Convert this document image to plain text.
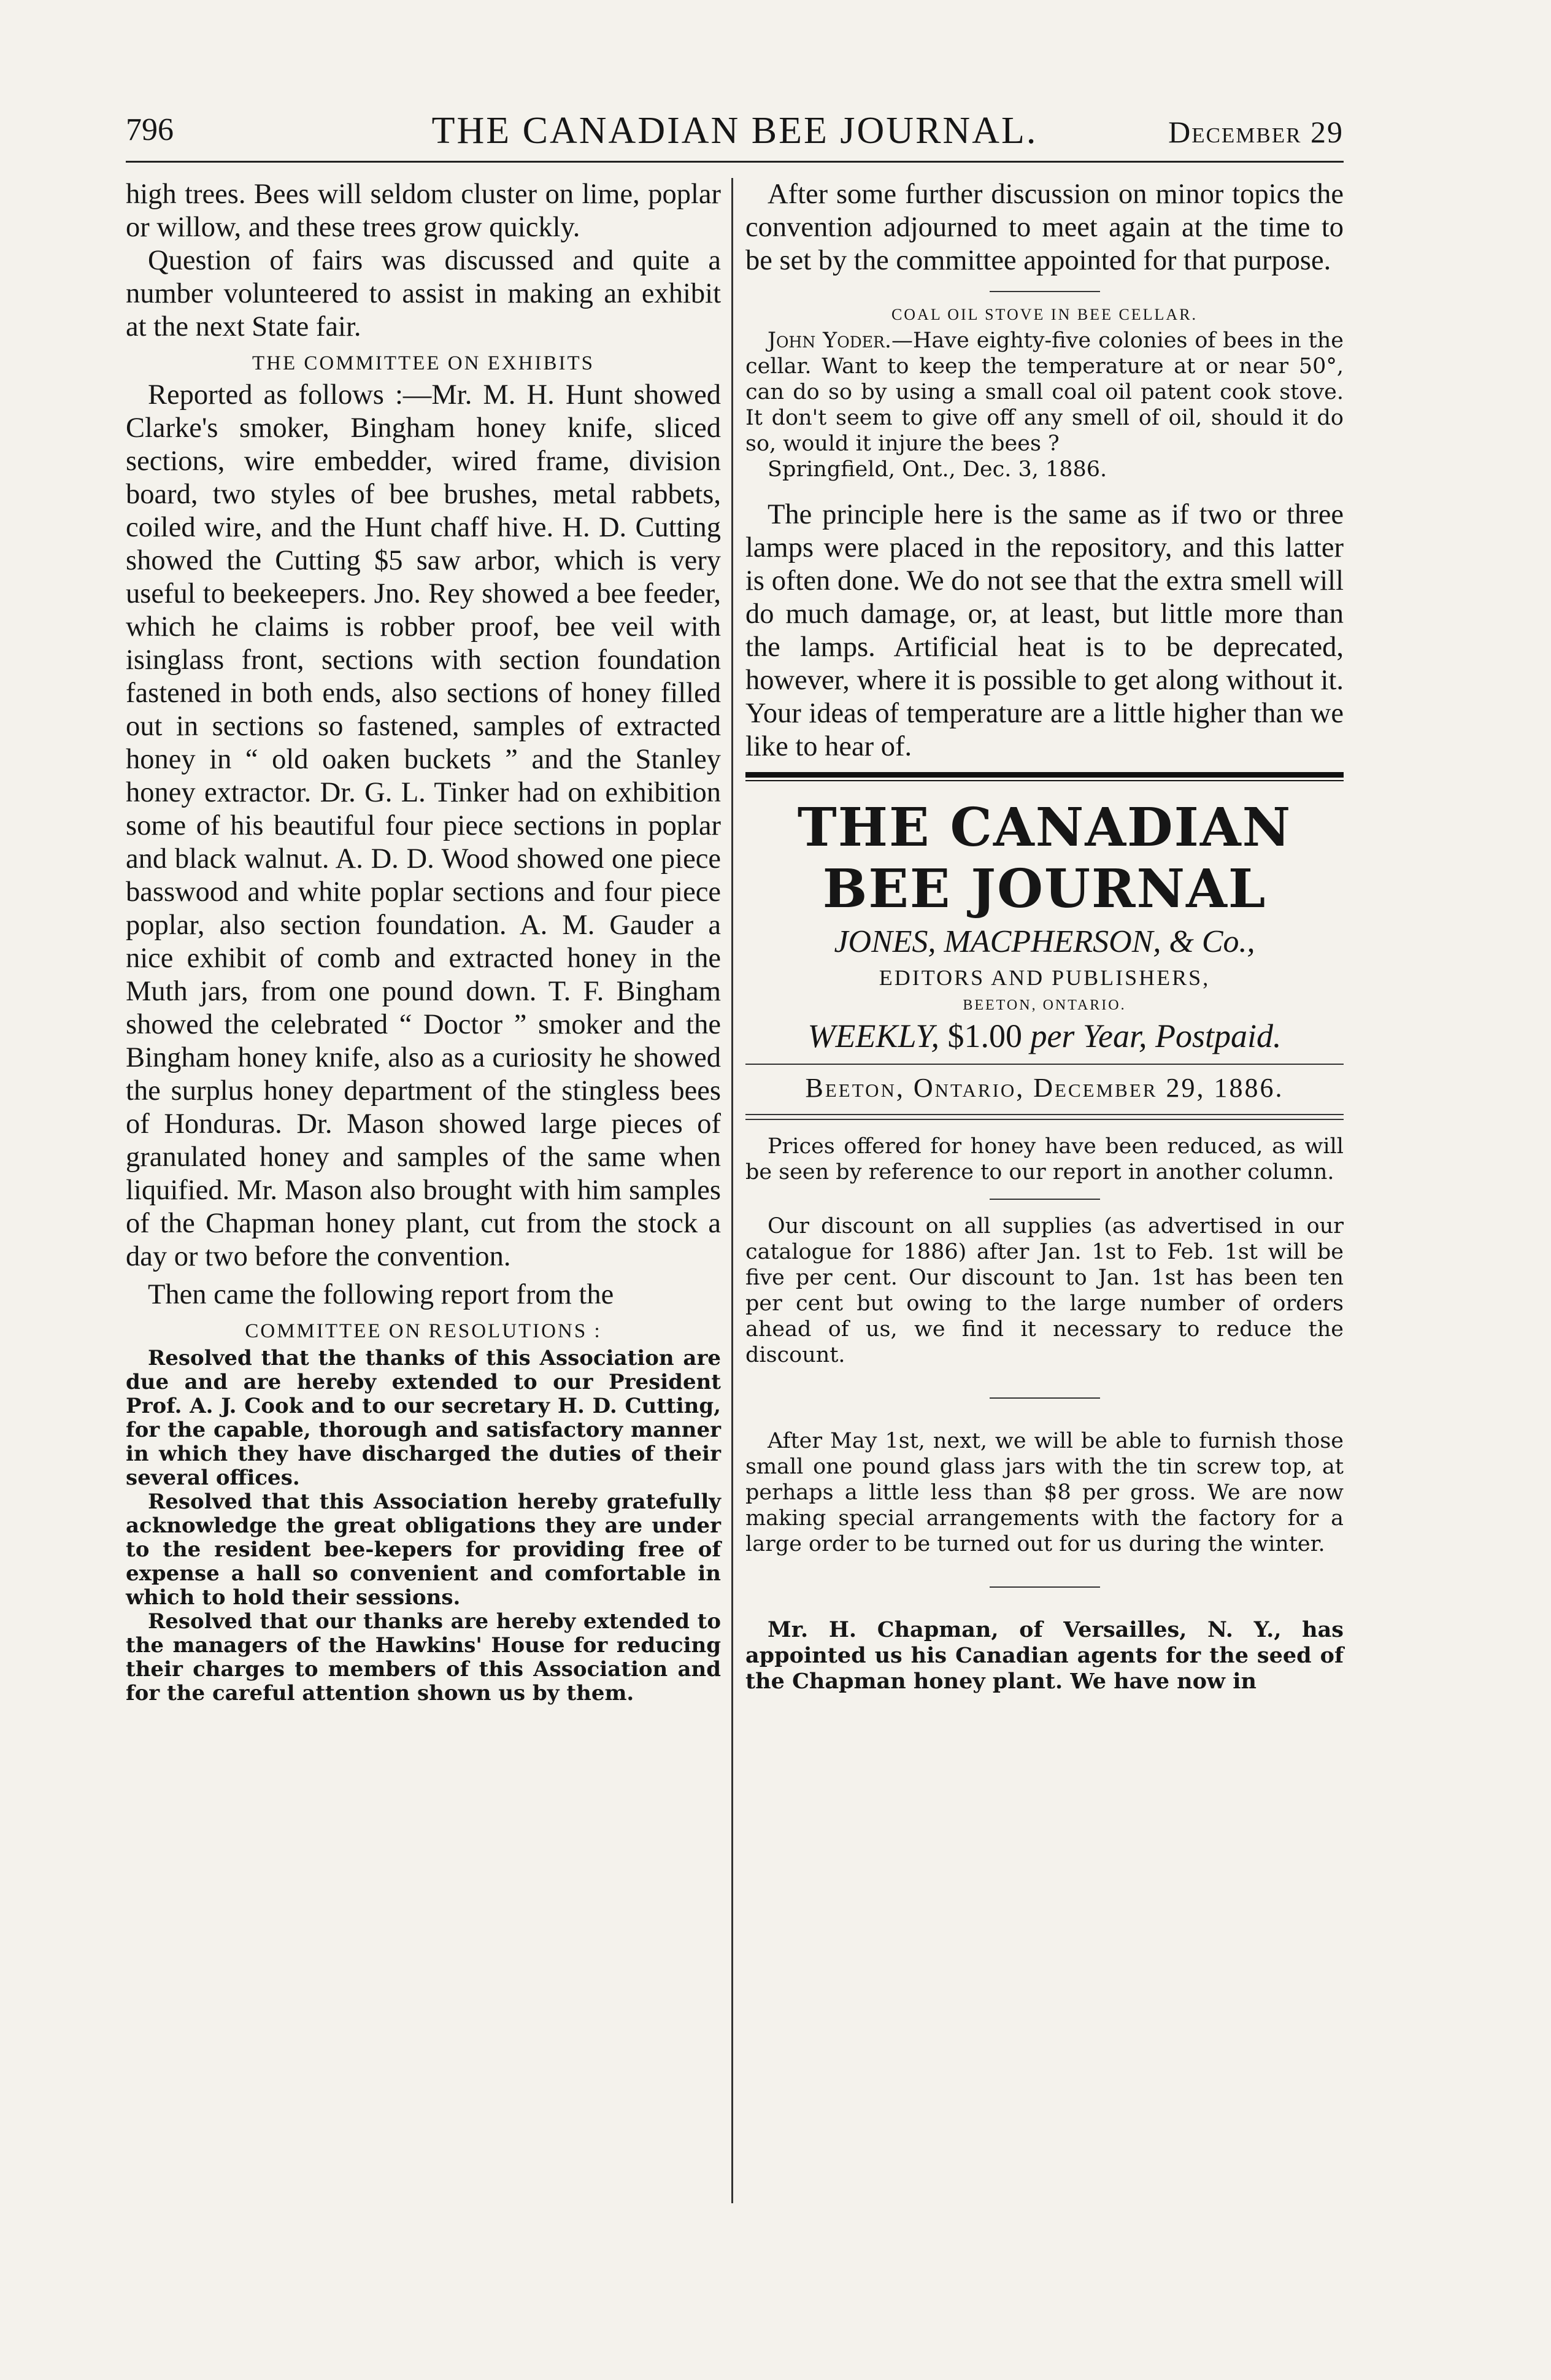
796	THE CANADIAN BEE JOURNAL.	December 29

high trees. Bees will seldom cluster on lime, poplar or willow, and these trees grow quickly.

Question of fairs was discussed and quite a number volunteered to assist in making an exhibit at the next State fair.

THE COMMITTEE ON EXHIBITS

Reported as follows :—Mr. M. H. Hunt showed Clarke's smoker, Bingham honey knife, sliced sections, wire embedder, wired frame, division board, two styles of bee brushes, metal rabbets, coiled wire, and the Hunt chaff hive. H. D. Cutting showed the Cutting $5 saw arbor, which is very useful to beekeepers. Jno. Rey showed a bee feeder, which he claims is robber proof, bee veil with isinglass front, sections with section foundation fastened in both ends, also sections of honey filled out in sections so fastened, samples of extracted honey in “ old oaken buckets ” and the Stanley honey extractor. Dr. G. L. Tinker had on exhibition some of his beautiful four piece sections in poplar and black walnut. A. D. D. Wood showed one piece basswood and white poplar sections and four piece poplar, also section foundation. A. M. Gauder a nice exhibit of comb and extracted honey in the Muth jars, from one pound down. T. F. Bingham showed the celebrated “ Doctor ” smoker and the Bingham honey knife, also as a curiosity he showed the surplus honey department of the stingless bees of Honduras. Dr. Mason showed large pieces of granulated honey and samples of the same when liquified. Mr. Mason also brought with him samples of the Chapman honey plant, cut from the stock a day or two before the convention.

Then came the following report from the

COMMITTEE ON RESOLUTIONS :

Resolved that the thanks of this Association are due and are hereby extended to our President Prof. A. J. Cook and to our secretary H. D. Cutting, for the capable, thorough and satisfactory manner in which they have discharged the duties of their several offices.

Resolved that this Association hereby gratefully acknowledge the great obligations they are under to the resident bee-kepers for providing free of expense a hall so convenient and comfortable in which to hold their sessions.

Resolved that our thanks are hereby extended to the managers of the Hawkins' House for reducing their charges to members of this Association and for the careful attention shown us by them.

After some further discussion on minor topics the convention adjourned to meet again at the time to be set by the committee appointed for that purpose.

COAL OIL STOVE IN BEE CELLAR.

John Yoder.—Have eighty-five colonies of bees in the cellar. Want to keep the temperature at or near 50°, can do so by using a small coal oil patent cook stove. It don't seem to give off any smell of oil, should it do so, would it injure the bees ?

Springfield, Ont., Dec. 3, 1886.

The principle here is the same as if two or three lamps were placed in the repository, and this latter is often done. We do not see that the extra smell will do much damage, or, at least, but little more than the lamps. Artificial heat is to be deprecated, however, where it is possible to get along without it. Your ideas of temperature are a little higher than we like to hear of.

THE CANADIAN BEE JOURNAL
JONES, MACPHERSON, & Co.,
EDITORS AND PUBLISHERS,
BEETON, ONTARIO.
WEEKLY, $1.00 per Year, Postpaid.
Beeton, Ontario, December 29, 1886.

Prices offered for honey have been reduced, as will be seen by reference to our report in another column.

Our discount on all supplies (as advertised in our catalogue for 1886) after Jan. 1st to Feb. 1st will be five per cent. Our discount to Jan. 1st has been ten per cent but owing to the large number of orders ahead of us, we find it necessary to reduce the discount.

After May 1st, next, we will be able to furnish those small one pound glass jars with the tin screw top, at perhaps a little less than $8 per gross. We are now making special arrangements with the factory for a large order to be turned out for us during the winter.

Mr. H. Chapman, of Versailles, N. Y., has appointed us his Canadian agents for the seed of the Chapman honey plant. We have now in
